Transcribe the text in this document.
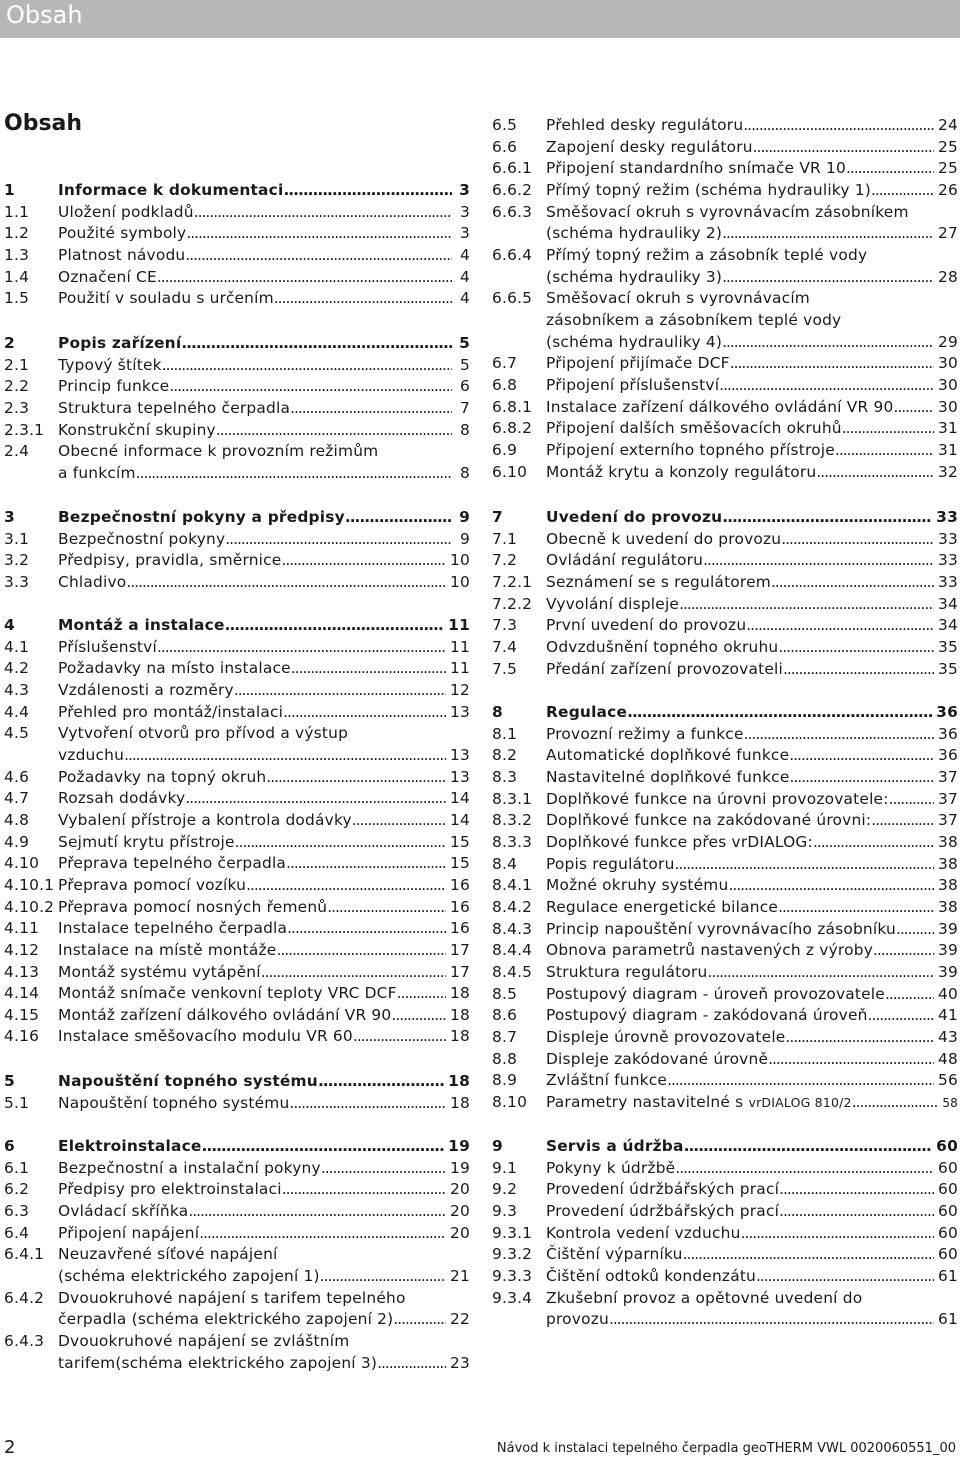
Obsah
Obsah
1	Informace k dokumentaci .....	3
1.1	Uložení podkladů .....	3
1.2	Použité symboly .....	3
1.3	Platnost návodu .....	4
1.4	Označení CE .....	4
1.5	Použití v souladu s určením .....	4
2	Popis zařízení .....	5
2.1	Typový štítek .....	5
2.2	Princip funkce .....	6
2.3	Struktura tepelného čerpadla .....	7
2.3.1 Konstrukční skupiny .....	8
2.4	Obecné informace k provozním režimům
a funkcím .....	8
3	Bezpečnostní pokyny a předpisy .....	9
3.1	Bezpečnostní pokyny .....	9
3.2	Předpisy, pravidla, směrnice .....	10
3.3	Chladivo .....	10
4	Montáž a instalace .....	11
4.1	Příslušenství .....	11
4.2	Požadavky na místo instalace .....	11
4.3	Vzdálenosti a rozměry .....	12
4.4	Přehled pro montáž/instalaci .....	13
4.5	Vytvoření otvorů pro přívod a výstup
vzduchu .....	13
4.6	Požadavky na topný okruh .....	13
4.7	Rozsah dodávky .....	14
4.8	Vybalení přístroje a kontrola dodávky .....	14
4.9	Sejmutí krytu přístroje .....	15
4.10	Přeprava tepelného čerpadla .....	15
4.10.1 Přeprava pomocí vozíku .....	16
4.10.2 Přeprava pomocí nosných řemenů .....	16
4.11	Instalace tepelného čerpadla .....	16
4.12	Instalace na místě montáže .....	17
4.13	Montáž systému vytápění .....	17
4.14	Montáž snímače venkovní teploty VRC DCF .....	18
4.15	Montáž zařízení dálkového ovládání VR 90 .....	18
4.16	Instalace směšovacího modulu VR 60 .....	18
5	Napouštění topného systému .....	18
5.1	Napouštění topného systému .....	18
6	Elektroinstalace .....	19
6.1	Bezpečnostní a instalační pokyny .....	19
6.2	Předpisy pro elektroinstalaci .....	20
6.3	Ovládací skříňka .....	20
6.4	Připojení napájení .....	20
6.4.1 Neuzavřené síťové napájení
(schéma elektrického zapojení 1) .....	21
6.4.2 Dvouokruhové napájení s tarifem tepelného
čerpadla (schéma elektrického zapojení 2) .....	22
6.4.3 Dvouokruhové napájení se zvláštním
tarifem(schéma elektrického zapojení 3) .....	23
6.5	Přehled desky regulátoru .....	24
6.6	Zapojení desky regulátoru .....	25
6.6.1 Připojení standardního snímače VR 10 .....	25
6.6.2 Přímý topný režim (schéma hydrauliky 1) .....	26
6.6.3 Směšovací okruh s vyrovnávacím zásobníkem
(schéma hydrauliky 2) .....	27
6.6.4 Přímý topný režim a zásobník teplé vody
(schéma hydrauliky 3) .....	28
6.6.5 Směšovací okruh s vyrovnávacím
zásobníkem a zásobníkem teplé vody
(schéma hydrauliky 4) .....	29
6.7	Připojení přijímače DCF .....	30
6.8	Připojení příslušenství .....	30
6.8.1 Instalace zařízení dálkového ovládání VR 90 .....	30
6.8.2 Připojení dalších směšovacích okruhů .....	31
6.9	Připojení externího topného přístroje .....	31
6.10	Montáž krytu a konzoly regulátoru .....	32
7	Uvedení do provozu .....	33
7.1	Obecně k uvedení do provozu .....	33
7.2	Ovládání regulátoru .....	33
7.2.1 Seznámení se s regulátorem .....	33
7.2.2 Vyvolání displeje .....	34
7.3	První uvedení do provozu .....	34
7.4	Odvzdušnění topného okruhu .....	35
7.5	Předání zařízení provozovateli .....	35
8	Regulace .....	36
8.1	Provozní režimy a funkce .....	36
8.2	Automatické doplňkové funkce .....	36
8.3	Nastavitelné doplňkové funkce .....	37
8.3.1 Doplňkové funkce na úrovni provozovatele: .....	37
8.3.2 Doplňkové funkce na zakódované úrovni: .....	37
8.3.3 Doplňkové funkce přes vrDIALOG: .....	38
8.4	Popis regulátoru .....	38
8.4.1 Možné okruhy systému .....	38
8.4.2 Regulace energetické bilance .....	38
8.4.3 Princip napouštění vyrovnávacího zásobníku .....	39
8.4.4 Obnova parametrů nastavených z výroby .....	39
8.4.5 Struktura regulátoru .....	39
8.5	Postupový diagram - úroveň provozovatele .....	40
8.6	Postupový diagram - zakódovaná úroveň .....	41
8.7	Displeje úrovně provozovatele .....	43
8.8	Displeje zakódované úrovně .....	48
8.9	Zvláštní funkce .....	56
8.10	Parametry nastavitelné s vrDIALOG 810/2 .....	58
9	Servis a údržba .....	60
9.1	Pokyny k údržbě .....	60
9.2	Provedení údržbářských prací .....	60
9.3	Provedení údržbářských prací .....	60
9.3.1 Kontrola vedení vzduchu .....	60
9.3.2 Čištění výparníku .....	60
9.3.3 Čištění odtoků kondenzátu .....	61
9.3.4 Zkušební provoz a opětovné uvedení do
provozu .....	61
2	Návod k instalaci tepelného čerpadla geoTHERM VWL 0020060551_00
